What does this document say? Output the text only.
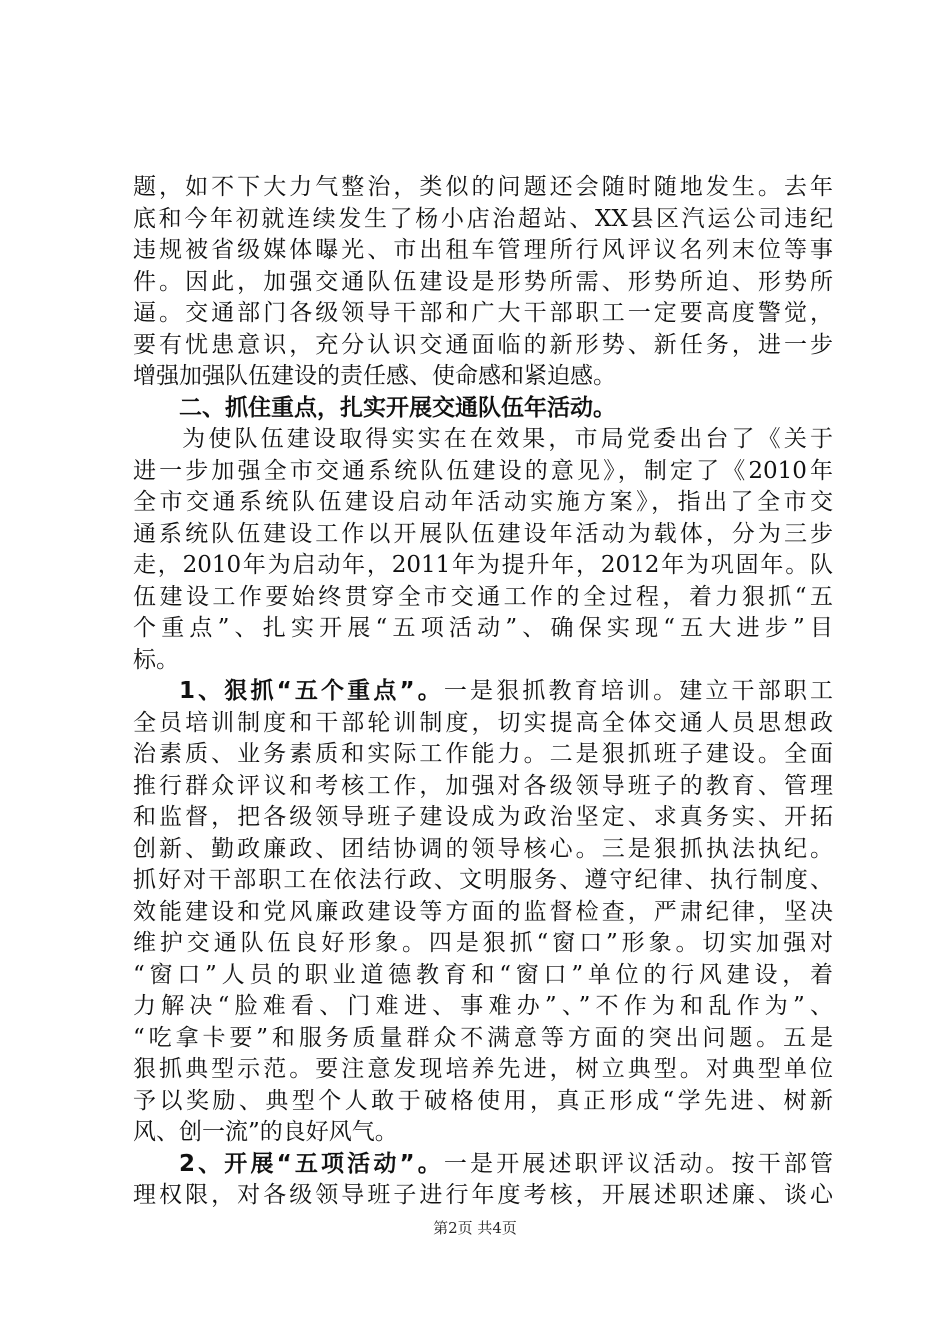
题，如不下大力气整治，类似的问题还会随时随地发生。去年
底和今年初就连续发生了杨小店治超站、XX县区汽运公司违纪
违规被省级媒体曝光、市出租车管理所行风评议名列末位等事
件。因此，加强交通队伍建设是形势所需、形势所迫、形势所
逼。交通部门各级领导干部和广大干部职工一定要高度警觉，
要有忧患意识，充分认识交通面临的新形势、新任务，进一步
增强加强队伍建设的责任感、使命感和紧迫感。
二、抓住重点，扎实开展交通队伍年活动。
为使队伍建设取得实实在在效果，市局党委出台了《关于
进一步加强全市交通系统队伍建设的意见》，制定了《2010年
全市交通系统队伍建设启动年活动实施方案》，指出了全市交
通系统队伍建设工作以开展队伍建设年活动为载体，分为三步
走，2010年为启动年，2011年为提升年，2012年为巩固年。队
伍建设工作要始终贯穿全市交通工作的全过程，着力狠抓“五
个重点”、扎实开展“五项活动”、确保实现“五大进步”目
标。
1、狠抓“五个重点”。一是狠抓教育培训。建立干部职工
全员培训制度和干部轮训制度，切实提高全体交通人员思想政
治素质、业务素质和实际工作能力。二是狠抓班子建设。全面
推行群众评议和考核工作，加强对各级领导班子的教育、管理
和监督，把各级领导班子建设成为政治坚定、求真务实、开拓
创新、勤政廉政、团结协调的领导核心。三是狠抓执法执纪。
抓好对干部职工在依法行政、文明服务、遵守纪律、执行制度、
效能建设和党风廉政建设等方面的监督检查，严肃纪律，坚决
维护交通队伍良好形象。四是狠抓“窗口”形象。切实加强对
“窗口”人员的职业道德教育和“窗口”单位的行风建设，着
力解决“脸难看、门难进、事难办”、”不作为和乱作为”、
“吃拿卡要”和服务质量群众不满意等方面的突出问题。五是
狠抓典型示范。要注意发现培养先进，树立典型。对典型单位
予以奖励、典型个人敢于破格使用，真正形成“学先进、树新
风、创一流”的良好风气。
2、开展“五项活动”。一是开展述职评议活动。按干部管
理权限，对各级领导班子进行年度考核，开展述职述廉、谈心
第2页 共4页
